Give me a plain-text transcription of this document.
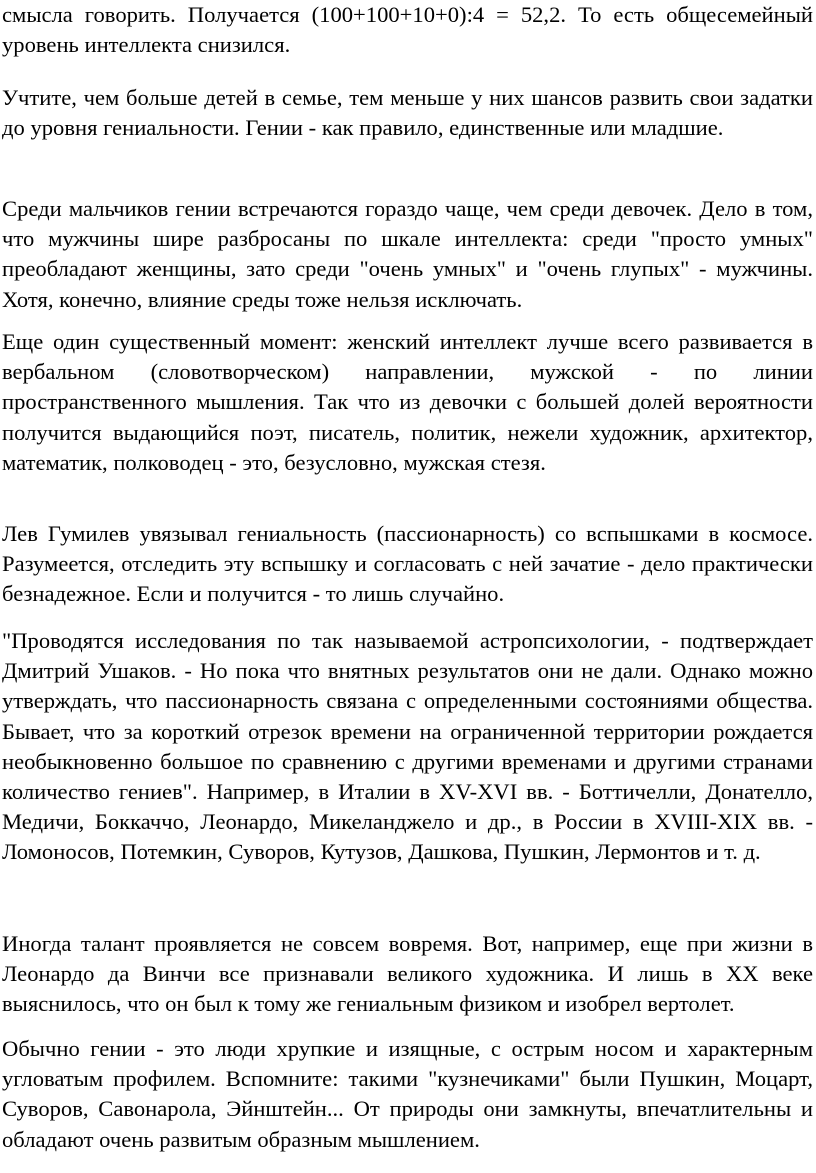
смысла говорить. Получается (100+100+10+0):4 = 52,2. То есть общесемейный уровень интеллекта снизился.

Учтите, чем больше детей в семье, тем меньше у них шансов развить свои задатки до уровня гениальности. Гении - как правило, единственные или младшие.

Среди мальчиков гении встречаются гораздо чаще, чем среди девочек. Дело в том, что мужчины шире разбросаны по шкале интеллекта: среди "просто умных" преобладают женщины, зато среди "очень умных" и "очень глупых" - мужчины. Хотя, конечно, влияние среды тоже нельзя исключать.

Еще один существенный момент: женский интеллект лучше всего развивается в вербальном (словотворческом) направлении, мужской - по линии пространственного мышления. Так что из девочки с большей долей вероятности получится выдающийся поэт, писатель, политик, нежели художник, архитектор, математик, полководец - это, безусловно, мужская стезя.

Лев Гумилев увязывал гениальность (пассионарность) со вспышками в космосе. Разумеется, отследить эту вспышку и согласовать с ней зачатие - дело практически безнадежное. Если и получится - то лишь случайно.

"Проводятся исследования по так называемой астропсихологии, - подтверждает Дмитрий Ушаков. - Но пока что внятных результатов они не дали. Однако можно утверждать, что пассионарность связана с определенными состояниями общества. Бывает, что за короткий отрезок времени на ограниченной территории рождается необыкновенно большое по сравнению с другими временами и другими странами количество гениев". Например, в Италии в XV-XVI вв. - Боттичелли, Донателло, Медичи, Боккаччо, Леонардо, Микеланджело и др., в России в XVIII-XIX вв. - Ломоносов, Потемкин, Суворов, Кутузов, Дашкова, Пушкин, Лермонтов и т. д.

Иногда талант проявляется не совсем вовремя. Вот, например, еще при жизни в Леонардо да Винчи все признавали великого художника. И лишь в XX веке выяснилось, что он был к тому же гениальным физиком и изобрел вертолет.

Обычно гении - это люди хрупкие и изящные, с острым носом и характерным угловатым профилем. Вспомните: такими "кузнечиками" были Пушкин, Моцарт, Суворов, Савонарола, Эйнштейн... От природы они замкнуты, впечатлительны и обладают очень развитым образным мышлением.
